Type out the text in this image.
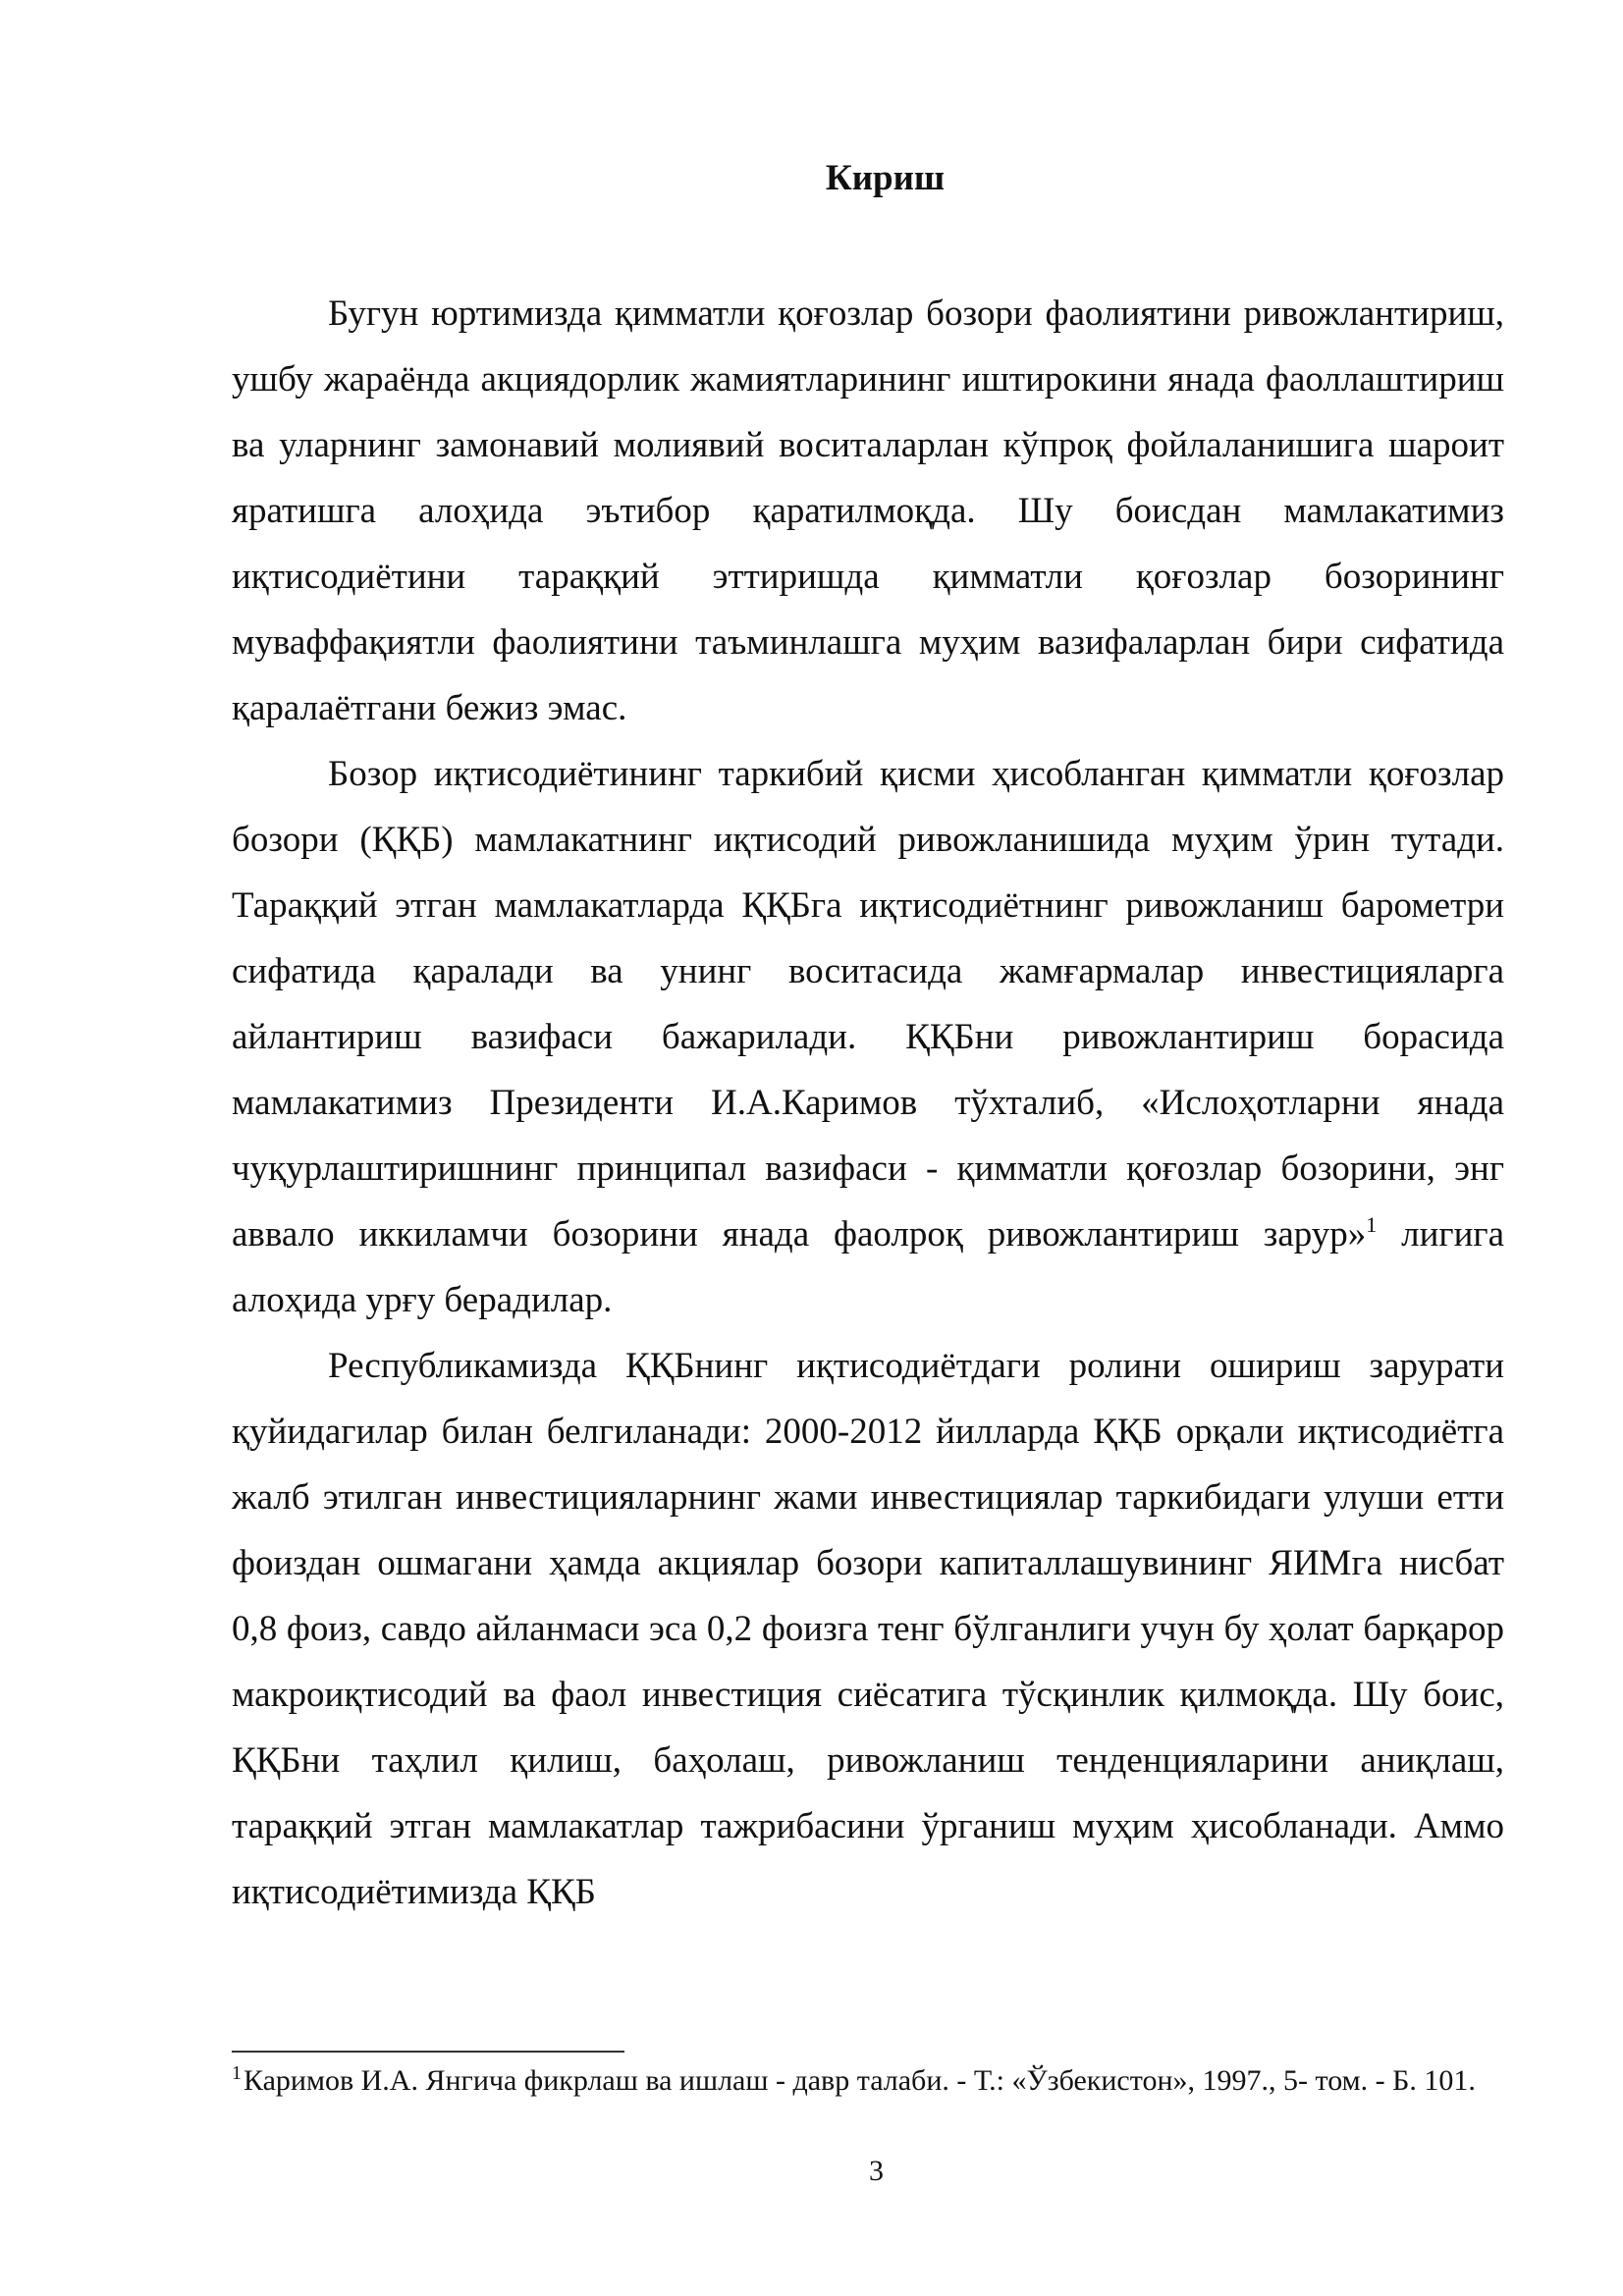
Кириш

Бугун юртимизда қимматли қоғозлар бозори фаолиятини ривожлантириш, ушбу жараёнда акциядорлик жамиятларининг иштирокини янада фаоллаштириш ва уларнинг замонавий молиявий воситаларлан кўпроқ фойлаланишига шароит яратишга алоҳида эътибор қаратилмоқда. Шу боисдан мамлакатимиз иқтисодиётини тараққий эттиришда қимматли қоғозлар бозорининг муваффақиятли фаолиятини таъминлашга муҳим вазифаларлан бири сифатида қаралаётгани бежиз эмас.

Бозор иқтисодиётининг таркибий қисми ҳисобланган қимматли қоғозлар бозори (ҚҚБ) мамлакатнинг иқтисодий ривожланишида муҳим ўрин тутади. Тараққий этган мамлакатларда ҚҚБга иқтисодиётнинг ривожланиш барометри сифатида қаралади ва унинг воситасида жамғармалар инвестицияларга айлантириш вазифаси бажарилади. ҚҚБни ривожлантириш борасида мамлакатимиз Президенти И.А.Каримов тўхталиб, «Ислоҳотларни янада чуқурлаштиришнинг принципал вазифаси - қимматли қоғозлар бозорини, энг аввало иккиламчи бозорини янада фаолроқ ривожлантириш зарур»$^1$ лигига алоҳида урғу берадилар.

Республикамизда ҚҚБнинг иқтисодиётдаги ролини ошириш зарурати қуйидагилар билан белгиланади: 2000-2012 йилларда ҚҚБ орқали иқтисодиётга жалб этилган инвестицияларнинг жами инвестициялар таркибидаги улуши етти фоиздан ошмагани ҳамда акциялар бозори капиталлашувининг ЯИМга нисбат 0,8 фоиз, савдо айланмаси эса 0,2 фоизга тенг бўлганлиги учун бу ҳолат барқарор макроиқтисодий ва фаол инвестиция сиёсатига тўсқинлик қилмоқда. Шу боис, ҚҚБни таҳлил қилиш, баҳолаш, ривожланиш тенденцияларини аниқлаш, тараққий этган мамлакатлар тажрибасини ўрганиш муҳим ҳисобланади. Аммо иқтисодиётимизда ҚҚБ

$^1$Каримов И.А. Янгича фикрлаш ва ишлаш - давр талаби. - Т.: «Ўзбекистон», 1997., 5- том. - Б. 101.

3
